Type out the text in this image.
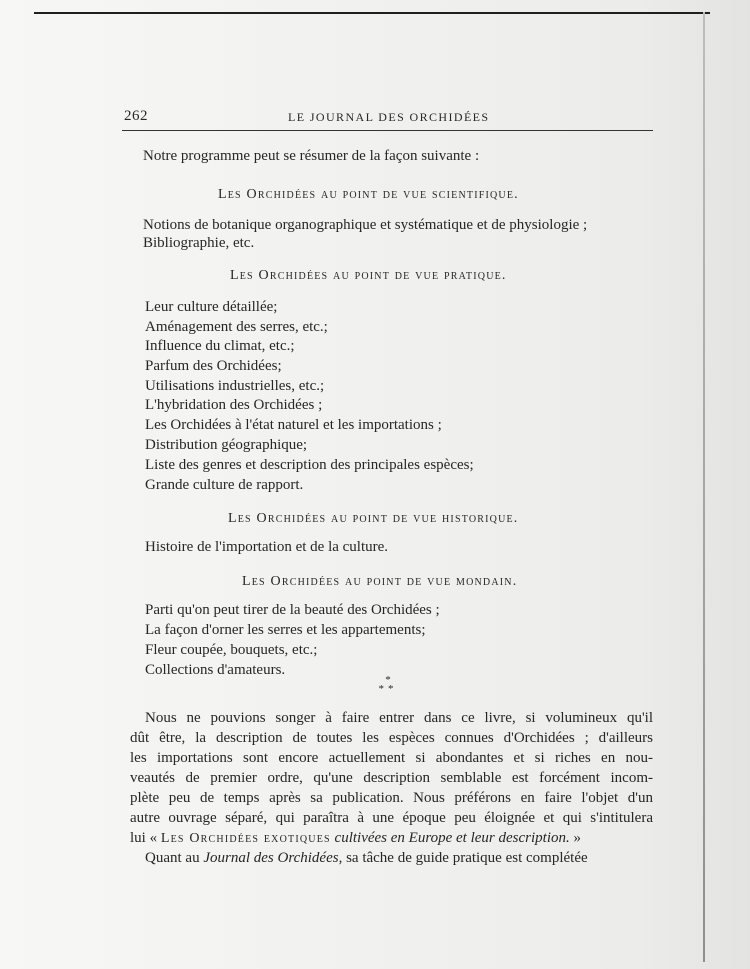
262	LE JOURNAL DES ORCHIDÉES
Notre programme peut se résumer de la façon suivante :
Les Orchidées au point de vue scientifique.
Notions de botanique organographique et systématique et de physiologie ;
Bibliographie, etc.
Les Orchidées au point de vue pratique.
Leur culture détaillée;
Aménagement des serres, etc.;
Influence du climat, etc.;
Parfum des Orchidées;
Utilisations industrielles, etc.;
L'hybridation des Orchidées ;
Les Orchidées à l'état naturel et les importations ;
Distribution géographique;
Liste des genres et description des principales espèces;
Grande culture de rapport.
Les Orchidées au point de vue historique.
Histoire de l'importation et de la culture.
Les Orchidées au point de vue mondain.
Parti qu'on peut tirer de la beauté des Orchidées ;
La façon d'orner les serres et les appartements;
Fleur coupée, bouquets, etc.;
Collections d'amateurs.
*
**
Nous ne pouvions songer à faire entrer dans ce livre, si volumineux qu'il
dût être, la description de toutes les espèces connues d'Orchidées ; d'ailleurs
les importations sont encore actuellement si abondantes et si riches en nou-
veautés de premier ordre, qu'une description semblable est forcément incom-
plète peu de temps après sa publication. Nous préférons en faire l'objet d'un
autre ouvrage séparé, qui paraîtra à une époque peu éloignée et qui s'intitulera
lui « Les Orchidées exotiques cultivées en Europe et leur description. »
Quant au Journal des Orchidées, sa tâche de guide pratique est complétée
